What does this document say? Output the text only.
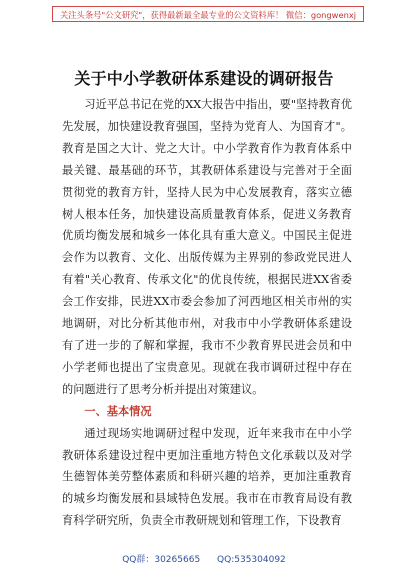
关注头条号"公文研究"，获得最新最全最专业的公文资料库！ 微信：gongwenxj
关于中小学教研体系建设的调研报告

习近平总书记在党的XX大报告中指出，要"坚持教育优先发展，加快建设教育强国，坚持为党育人、为国育才"。教育是国之大计、党之大计。中小学教育作为教育体系中最关键、最基础的环节，其教研体系建设与完善对于全面贯彻党的教育方针，坚持人民为中心发展教育，落实立德树人根本任务，加快建设高质量教育体系，促进义务教育优质均衡发展和城乡一体化具有重大意义。中国民主促进会作为以教育、文化、出版传媒为主界别的参政党民进人有着"关心教育、传承文化"的优良传统，根据民进XX省委会工作安排，民进XX市委会参加了河西地区相关市州的实地调研，对比分析其他市州，对我市中小学教研体系建设有了进一步的了解和掌握，我市不少教育界民进会员和中小学老师也提出了宝贵意见。现就在我市调研过程中存在的问题进行了思考分析并提出对策建议。

一、基本情况

通过现场实地调研过程中发现，近年来我市在中小学教研体系建设过程中更加注重地方特色文化承载以及对学生德智体美劳整体素质和科研兴趣的培养，更加注重教育的城乡均衡发展和县域特色发展。我市在市教育局设有教育科学研究所，负责全市教研规划和管理工作，下设教育

QQ群：30265665 QQ:535304092
